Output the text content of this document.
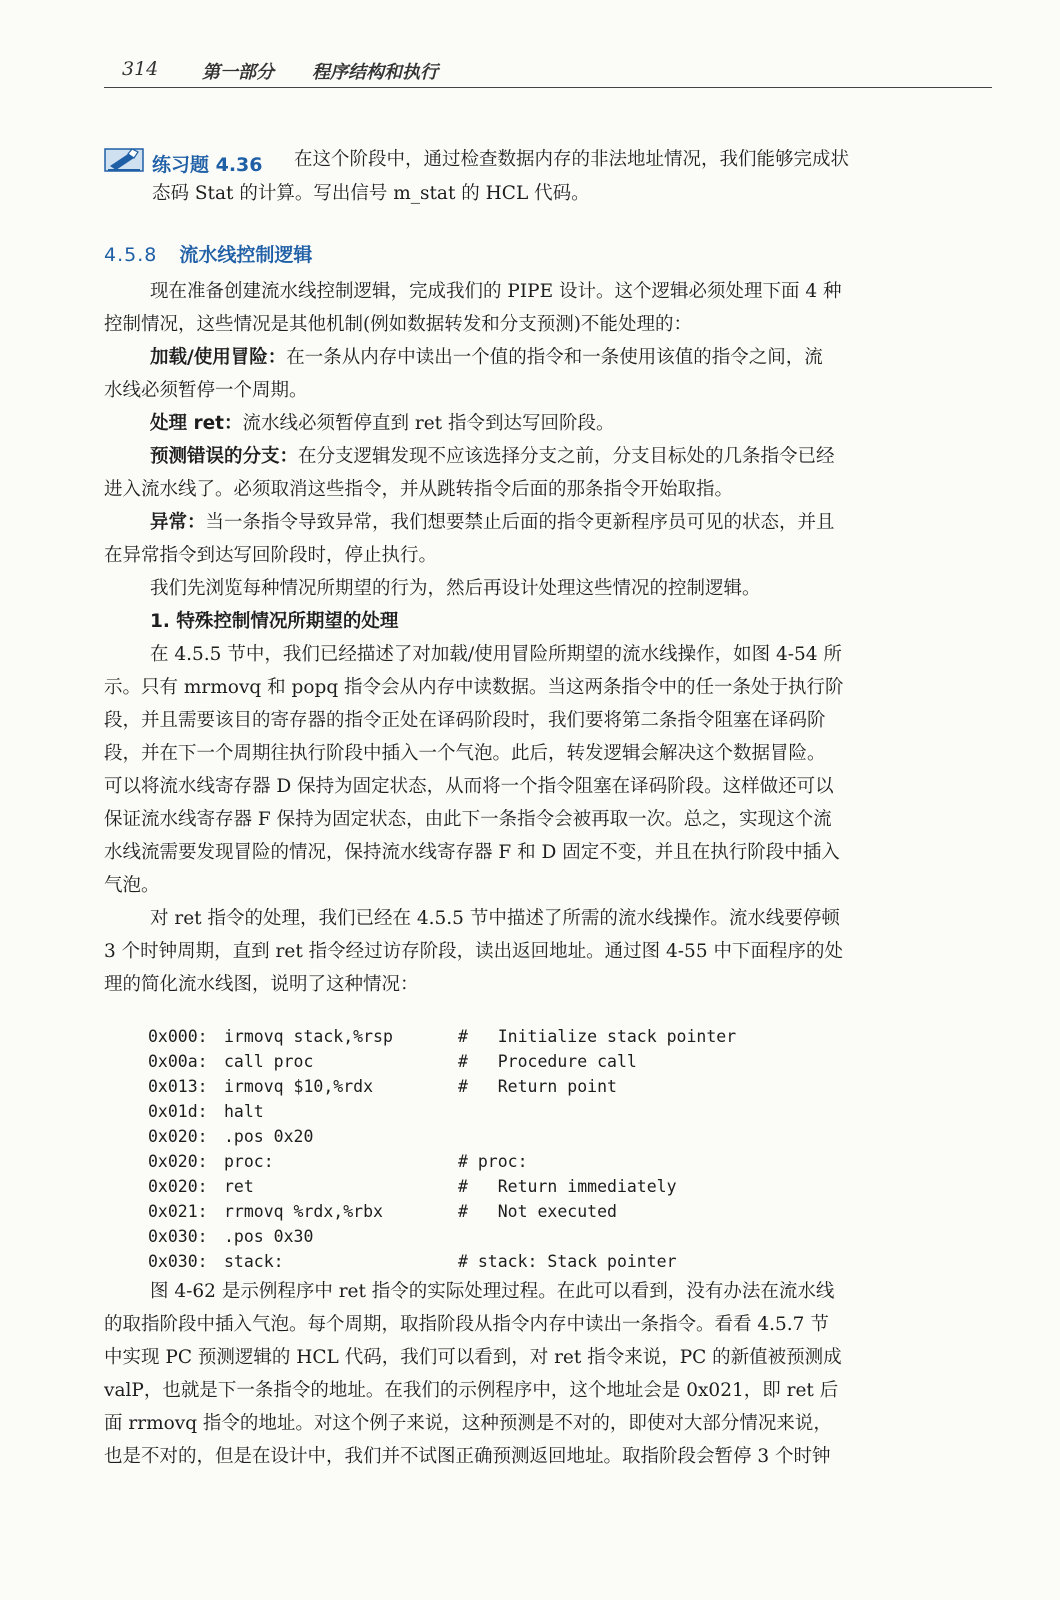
314 第一部分 程序结构和执行
练习题 4.36 在这个阶段中，通过检查数据内存的非法地址情况，我们能够完成状
态码 Stat 的计算。写出信号 m_stat 的 HCL 代码。
4.5.8 流水线控制逻辑
现在准备创建流水线控制逻辑，完成我们的 PIPE 设计。这个逻辑必须处理下面 4 种
控制情况，这些情况是其他机制(例如数据转发和分支预测)不能处理的：
加载/使用冒险：在一条从内存中读出一个值的指令和一条使用该值的指令之间，流
水线必须暂停一个周期。
处理 ret：流水线必须暂停直到 ret 指令到达写回阶段。
预测错误的分支：在分支逻辑发现不应该选择分支之前，分支目标处的几条指令已经
进入流水线了。必须取消这些指令，并从跳转指令后面的那条指令开始取指。
异常：当一条指令导致异常，我们想要禁止后面的指令更新程序员可见的状态，并且
在异常指令到达写回阶段时，停止执行。
我们先浏览每种情况所期望的行为，然后再设计处理这些情况的控制逻辑。
1. 特殊控制情况所期望的处理
在 4.5.5 节中，我们已经描述了对加载/使用冒险所期望的流水线操作，如图 4-54 所
示。只有 mrmovq 和 popq 指令会从内存中读数据。当这两条指令中的任一条处于执行阶
段，并且需要该目的寄存器的指令正处在译码阶段时，我们要将第二条指令阻塞在译码阶
段，并在下一个周期往执行阶段中插入一个气泡。此后，转发逻辑会解决这个数据冒险。
可以将流水线寄存器 D 保持为固定状态，从而将一个指令阻塞在译码阶段。这样做还可以
保证流水线寄存器 F 保持为固定状态，由此下一条指令会被再取一次。总之，实现这个流
水线流需要发现冒险的情况，保持流水线寄存器 F 和 D 固定不变，并且在执行阶段中插入
气泡。
对 ret 指令的处理，我们已经在 4.5.5 节中描述了所需的流水线操作。流水线要停顿
3 个时钟周期，直到 ret 指令经过访存阶段，读出返回地址。通过图 4-55 中下面程序的处
理的简化流水线图，说明了这种情况：

0x000: irmovq stack,%rsp	#   Initialize stack pointer

0x00a: call proc	#   Procedure call

0x013: irmovq $10,%rdx	#   Return point

0x01d: halt

0x020: .pos 0x20

0x020: proc:	# proc:

0x020: ret	#   Return immediately

0x021: rrmovq %rdx,%rbx	#   Not executed

0x030: .pos 0x30

0x030: stack:	# stack: Stack pointer

图 4-62 是示例程序中 ret 指令的实际处理过程。在此可以看到，没有办法在流水线
的取指阶段中插入气泡。每个周期，取指阶段从指令内存中读出一条指令。看看 4.5.7 节
中实现 PC 预测逻辑的 HCL 代码，我们可以看到，对 ret 指令来说，PC 的新值被预测成
valP，也就是下一条指令的地址。在我们的示例程序中，这个地址会是 0x021，即 ret 后
面 rrmovq 指令的地址。对这个例子来说，这种预测是不对的，即使对大部分情况来说，
也是不对的，但是在设计中，我们并不试图正确预测返回地址。取指阶段会暂停 3 个时钟
